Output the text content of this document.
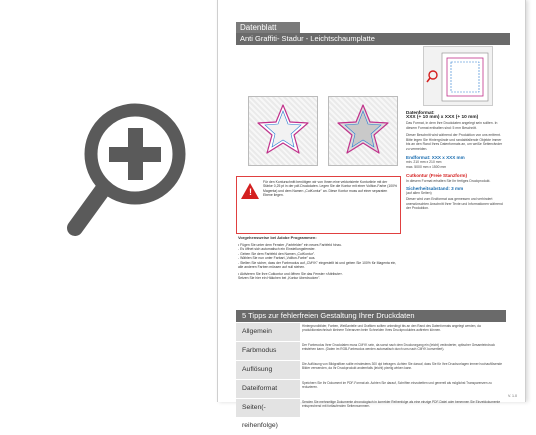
Datenblatt
Anti Graffiti- Stadur - Leichtschaumplatte

Datenformat:

XXX (+ 10 mm) x XXX (+ 10 mm)

Das Format, in dem Ihre Druckdaten angelegt sein sollten. In diesem Format enthalten sind: 5 mm Beschnitt.

Dieser Beschnitt wird während der Produktion von uns entfernt. Bitte legen Sie Hintergründe und randabfallende Objekte immer bis an den Rand Ihres Datenformats an, um weiße Seitenränder zu vermeiden.

Endformat: XXX x XXX mm

min. 210 mm x 210 mm

max. 5000 mm x 1500 mm

Cutkontur (Freie Stanzform)

In diesem Format erhalten Sie Ihr fertiges Druckprodukt.

Sicherheitsabstand: 3 mm

(auf allen Seiten)

Dieser wird vom Endformat aus gemessen und verhindert unerwünschten Anschnitt Ihrer Texte und Informationen während der Produktion.

!
Für den Konturschnitt benötigen wir von Ihnen eine vektorisierte Konturlinie mit der Stärke 0,25 pt in der pdf-Druckdaten. Legen Sie die Kontur mit einer Vollton-Farbe (100% Magenta) und dem Namen „CutKontur" an. Diese Kontur muss auf einer separaten Ebene liegen.
Vorgehensweise bei Adobe Programmen:
• Fügen Sie unter dem Fenster „Farbfelder" ein neues Farbfeld hinzu.
- Es öffnet sich automatisch ein Einstellungsfenster.
- Geben Sie dem Farbfeld den Namen „CutKontur".
- Wählen Sie nun unter Farbart „Vollton-Farbe" aus.
- Stellen Sie sicher, dass der Farbmodus auf „CMYK" eingestellt ist und geben Sie 100% für Magenta ein, alle anderen Farben müssen auf null stehen.
• Aktivieren Sie Ihre Cutkontur und öffnen Sie das Fenster »Attribute«.
Setzen Sie hier ein Häkchen bei „Kontur überdrucken".
5 Tipps zur fehlerfreien Gestaltung Ihrer Druckdaten
Allgemein
Hintergrundbilder, Farben, Weißanteile und Grafiken sollten unbedingt bis an den Rand des Datenformats angelegt werden, da produktionstechnisch kleinere Toleranzen beim Schneiden Ihres Druckproduktes auftreten können.
Farbmodus
Der Farbmodus Ihrer Druckdaten muss CMYK sein, da sonst nach dem Druckvorgang ein (leicht) veränderter, optischer Gesamteindruck entstehen kann. (Daten im RGB-Farbmodus werden automatisch durch uns nach CMYK konvertiert).
Auflösung
Die Auflösung von Bildgrafiken sollte mindestens 300 dpi betragen. Achten Sie darauf, dass Sie für Ihre Druckvorlagen immer hochauflösende Bilder verwenden, da Ihr Druckprodukt andernfalls (leicht) pixelig wirken kann.
Dateiformat
Speichern Sie Ihr Dokument im PDF-Format ab. Achten Sie darauf, Schriften einzubetten und generell als möglichst Transparenzen zu reduzieren.
Seiten(-reihenfolge)
Senden Sie mehrseitige Dokumente chronologisch in korrekter Reihenfolge als eine einzige PDF-Datei oder benennen Sie Einzeldokumente entsprechend mit fortlaufenden Seitennummern.
V. 1.0
